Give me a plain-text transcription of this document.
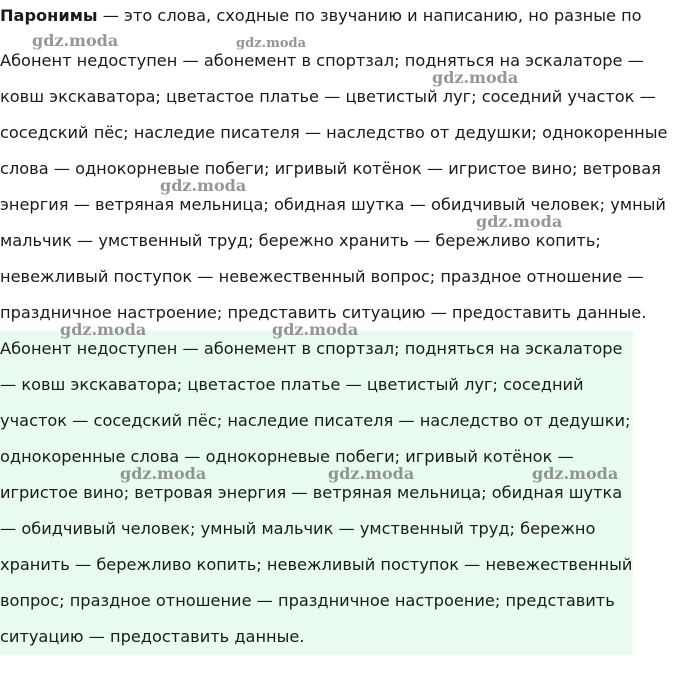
Паронимы — это слова, сходные по звучанию и написанию, но разные по
Абонент недоступен — абонемент в спортзал; подняться на эскалаторе —
ковш экскаватора; цветастое платье — цветистый луг; соседний участок —
соседский пёс; наследие писателя — наследство от дедушки; однокоренные
слова — однокорневые побеги; игривый котёнок — игристое вино; ветровая
энергия — ветряная мельница; обидная шутка — обидчивый человек; умный
мальчик — умственный труд; бережно хранить — бережливо копить;
невежливый поступок — невежественный вопрос; праздное отношение —
праздничное настроение; представить ситуацию — предоставить данные.
Абонент недоступен — абонемент в спортзал; подняться на эскалаторе
— ковш экскаватора; цветастое платье — цветистый луг; соседний
участок — соседский пёс; наследие писателя — наследство от дедушки;
однокоренные слова — однокорневые побеги; игривый котёнок —
игристое вино; ветровая энергия — ветряная мельница; обидная шутка
— обидчивый человек; умный мальчик — умственный труд; бережно
хранить — бережливо копить; невежливый поступок — невежественный
вопрос; праздное отношение — праздничное настроение; представить
ситуацию — предоставить данные.
gdz.moda	gdz.moda
gdz.moda
gdz.moda
gdz.moda
gdz.moda	gdz.moda
gdz.moda	gdz.moda	gdz.moda
